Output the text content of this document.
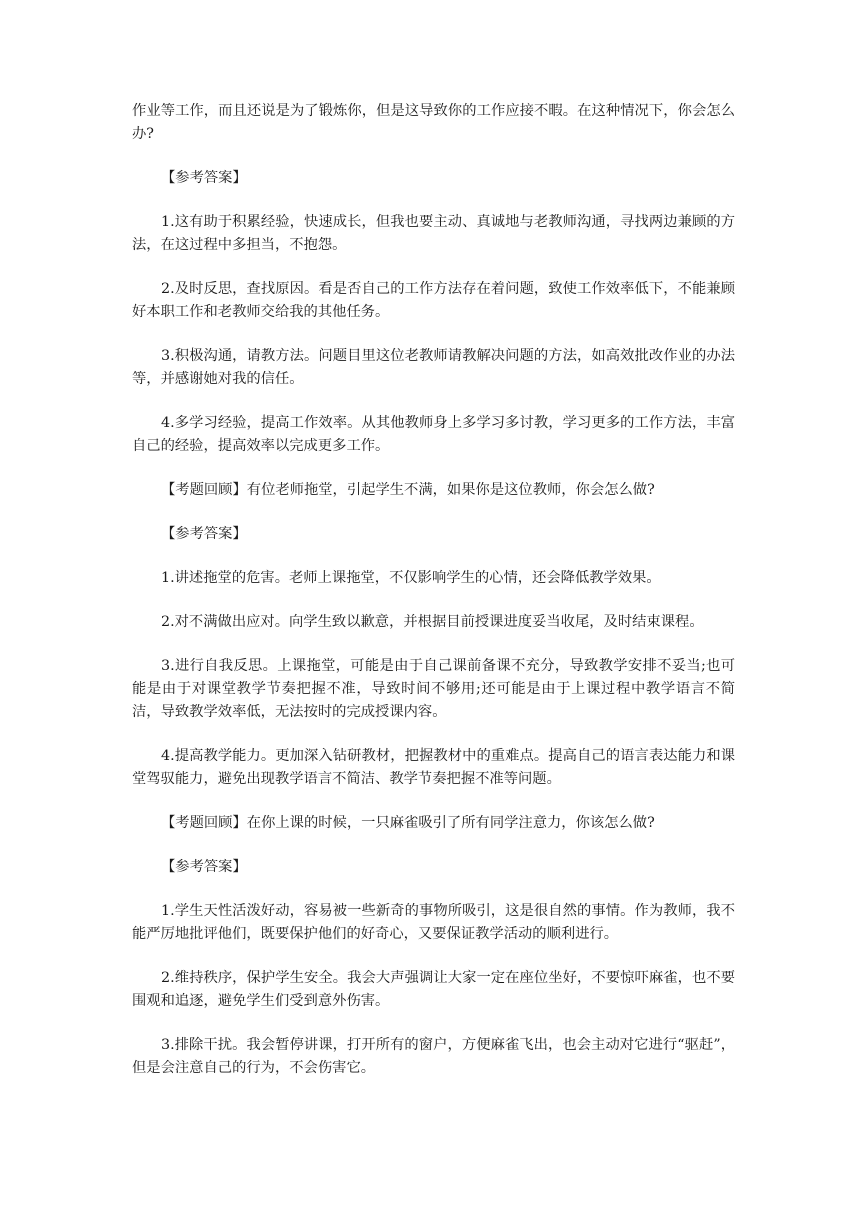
作业等工作，而且还说是为了锻炼你，但是这导致你的工作应接不暇。在这种情况下，你会怎么办?

【参考答案】

1.这有助于积累经验，快速成长，但我也要主动、真诚地与老教师沟通，寻找两边兼顾的方法，在这过程中多担当，不抱怨。

2.及时反思，查找原因。看是否自己的工作方法存在着问题，致使工作效率低下，不能兼顾好本职工作和老教师交给我的其他任务。

3.积极沟通，请教方法。问题目里这位老教师请教解决问题的方法，如高效批改作业的办法等，并感谢她对我的信任。

4.多学习经验，提高工作效率。从其他教师身上多学习多讨教，学习更多的工作方法，丰富自己的经验，提高效率以完成更多工作。

【考题回顾】有位老师拖堂，引起学生不满，如果你是这位教师，你会怎么做?

【参考答案】

1.讲述拖堂的危害。老师上课拖堂，不仅影响学生的心情，还会降低教学效果。

2.对不满做出应对。向学生致以歉意，并根据目前授课进度妥当收尾，及时结束课程。

3.进行自我反思。上课拖堂，可能是由于自己课前备课不充分，导致教学安排不妥当;也可能是由于对课堂教学节奏把握不准，导致时间不够用;还可能是由于上课过程中教学语言不简洁，导致教学效率低，无法按时的完成授课内容。

4.提高教学能力。更加深入钻研教材，把握教材中的重难点。提高自己的语言表达能力和课堂驾驭能力，避免出现教学语言不简洁、教学节奏把握不准等问题。

【考题回顾】在你上课的时候，一只麻雀吸引了所有同学注意力，你该怎么做?

【参考答案】

1.学生天性活泼好动，容易被一些新奇的事物所吸引，这是很自然的事情。作为教师，我不能严厉地批评他们，既要保护他们的好奇心，又要保证教学活动的顺利进行。

2.维持秩序，保护学生安全。我会大声强调让大家一定在座位坐好，不要惊吓麻雀，也不要围观和追逐，避免学生们受到意外伤害。

3.排除干扰。我会暂停讲课，打开所有的窗户，方便麻雀飞出，也会主动对它进行“驱赶”，但是会注意自己的行为，不会伤害它。
